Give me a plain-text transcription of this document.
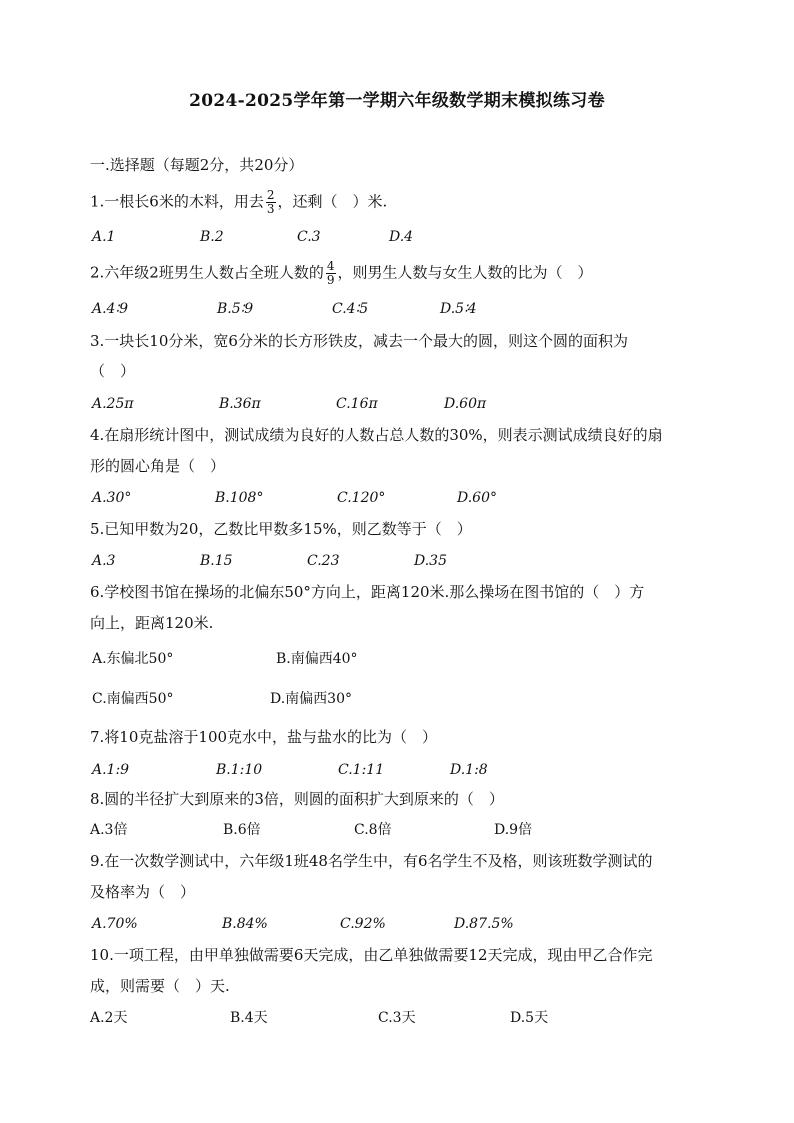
2024-2025学年第一学期六年级数学期末模拟练习卷
一.选择题（每题2分，共20分）
1.一根长6米的木料，用去 $\frac{2}{3}$ ，还剩（　）米.
A.1	B.2	C.3	D.4
2.六年级2班男生人数占全班人数的 $\frac{4}{9}$ ，则男生人数与女生人数的比为（　）
A.4∶9	B.5∶9	C.4∶5	D.5∶4
3.一块长10分米，宽6分米的长方形铁皮，减去一个最大的圆，则这个圆的面积为
（　）
A.25π	B.36π	C.16π	D.60π
4.在扇形统计图中，测试成绩为良好的人数占总人数的30%，则表示测试成绩良好的扇
形的圆心角是（　）
A.30°	B.108°	C.120°	D.60°
5.已知甲数为20，乙数比甲数多15%，则乙数等于（　）
A.3	B.15	C.23	D.35
6.学校图书馆在操场的北偏东50°方向上，距离120米.那么操场在图书馆的（　）方
向上，距离120米.
A.东偏北50°	B.南偏西40°
C.南偏西50°	D.南偏西30°
7.将10克盐溶于100克水中，盐与盐水的比为（　）
A.1:9	B.1:10	C.1:11	D.1:8
8.圆的半径扩大到原来的3倍，则圆的面积扩大到原来的（　）
A.3倍	B.6倍	C.8倍	D.9倍
9.在一次数学测试中，六年级1班48名学生中，有6名学生不及格，则该班数学测试的
及格率为（　）
A.70%	B.84%	C.92%	D.87.5%
10.一项工程，由甲单独做需要6天完成，由乙单独做需要12天完成，现由甲乙合作完
成，则需要（　）天.
A.2天	B.4天	C.3天	D.5天
